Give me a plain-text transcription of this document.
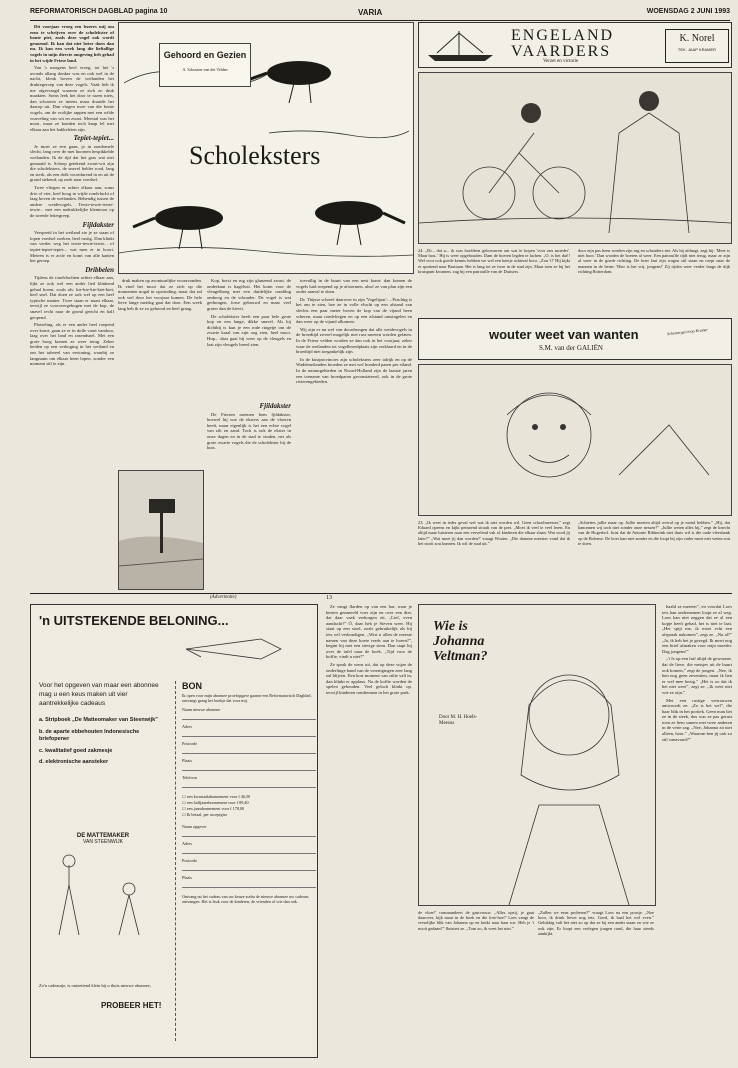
REFORMATORISCH DAGBLAD pagina 10	VARIA	WOENSDAG 2 JUNI 1993

Dit voorjaar vroeg een lezeres mij om eens te schrijven over de scholekster of bonte piet, zoals deze vogel ook wordt genoemd. Ik kan dat niet beter doen dan nu. Ik kan een week lang die lieftallige vogels in mijn directe omgeving heb gehad in het wijde Friese land.

Van 's morgens heel vroeg, tot het 's avonds allang donker was en ook wel in de nacht, klonk boven de weilanden het druktegeroep van deze vogels. Vaak heb ik me afgevraagd waarom ze zich zo druk maakten. Soms leek het door te razen niets, dan schooten ze ineens maar draaide het daarop uit. Dan vlogen twee van die bonte vogels, om de vrolijke rappen met een wilde wurveling van wit en zwart. Meestal was het mooi, maar ze konden toch knap lel met elkaar aan het bakkeleien zijn.

Tepiet-tepiet...

Je moet ze een gaan, ja in zondomele slecht, lang over de met hoornen hespikkelde weilanden. Ik de tijd dat het gras wat niet gemaaid is. Scherp getekend zwart-wit zijn die scholeksters, de snavel helder rood, lang en sterk, als een dolk voortdurend in en uit de grond stekend, op zoek naar voedsel.

Twee vliegen er achter elkaar aan, soms drie of vier, heel hoog in wijde rondvlucht of laag boven de weilanden. Behendig tussen de andere weidevogels. Tewie-tewie-tewie-tewie... met een nadrukkelijke klemtoon op de tweede lettergreep.

Fijldakster

Verspreid in het weiland zie je ze staan of lopen voedsel zoeken, heel rustig. Dan klinkt van verder weg het tewie-tewie-tewie... of tepiet-tepiet-tepiet... wat men er in hoort. Meteen is er actie en komt van alle kanten het geroep.

Dribbelen

Tijdens de rondvluchten achter elkaar aan, lijkt ze ook wel een ander lied klinkend gehad horen, zoals als: kie-kie-kie-kiet-kiet, heel snel. Dat doen ze ook wel op een heel typische manier. Twee staan er naast elkaar, terwijl ze voorovergebogen met de kop, de snavel recht naar de grond gericht en half geopend.

Plotseling, als er een ander heel roepend over komt, gaan ze er in dolle vaart vandoor, laag over het land en razendsnel. Met een grote boog komen ze weer terug. Zeker beiden op een verhoging in het weiland en om het tafereel van vertoning, waarbij ze langzaam om elkaar heen lopen, zonder een moment stil te zijn.

Gehoord en Gezien
A. Schouten-van der Velden
Scholeksters

druk maken op avontuurlijke vooravonden. Ik vind het mooi dat ze zich op die momenten nogal in opwinding, maar dat zal ook wel door het voorjaar komen. De hele lieve lange meidag gaat dat door. Een week lang heb ik ze zo gehoord en heel graag.

Kop, borst en rug zijn glanzend zwart, de onderkant is hagelwit. Het komt voor de vleugelboeg met een duidelijke rondilng omhoog en de schouder. De vogel is wat gedrongen, forse gebouwd en maar veel groter dan de kievit.

De scholekster heeft een paar hele grote kop en een lange, dikke snavel. Als hij dichtbij is kun je een rode ringetje om de zwarte kraal van zijn oog zien, heel mooi. Hup... daar gaat hij weer op de vleugels en laat zijn vleugels breed zien.

Fjildakster

De Friezen noemen hem fjildakster, hoewel hij wat de eksters aan de vloeren heeft, maar eigenlijk is het een echte vogel van zilt en zand. Toch is ook de ekster in onze dagen en in de stad te vinden, net als grote zwarte vogels die de scholekster bij de kust.

toevallig in de buurt van een nest komt: dan komen de vogels luid roepend op je afstormen, alsof ze van plan zijn een ouder aanval te doen.

Dr. Thijsse schreef daarover in zijn 'Vogelijaar': ...Prachtig is het om te zien, hoe ze in volle vlucht op een afstand van slechts een paar meter boven de kop van de vijand heen scheren, maar rondvliegen en op een afstand omsingelen en dan weer op de vijand afkomen.

Wij zijn er nu wel van doordrongen dat alle weidevogels in de broedtijd zoveel mogelijk met rust moeten worden gelaten. In de Friese velden worden ze dan ook in het voorjaar, zeker waar de weilanden tot vogelbroedplaats zijn verklaard en in de broedtijd niet toegankelijk zijn.

In de kustprovincies zijn scholeksters zeer talrijk en op de Waddeneilanden broeden ze met wel honderd paren per eiland. In de natuurgebieden in Noord-Holland zijn de laatste jaren een toename van broedparen geconstateerd, ook in de grote rivierengebieden.

ENGELAND
VAARDERS
Verzet en victorie
K. Norel
TEK. JAAP KRAMER
24. „Di... dat u... ik was hoefdens geboeuwen om wat te kopen 'voor ons moeder'. Maar hou..' Hij is weer opgehouden. Dam de boeren legden te lachen. „O, is het dat!! Wel voor ook goede kennis hebben we wel een beetje achteraf hoor. „Zou 't?' Hij kijkt er spottend naar Bastiaan. Het is lang tot ze twee in de stad zijn. Maar toen ze bij het kruispunt kwamen, zag hij een patrouille van de Duitsers.
door zijn pas heen worden zijn rug en schouders net. Als hij afdaagt, zegt hij: 'Meer is niet hoor.' Dan worden de boeren al weer. Een patrouille rijdt niet terug, maar ze zijn al weer in de goede richting. De boer laat zijn wagen stil staan en roept naar de mannen in de berm: 'Hier is het vrij, jongens!' Zij rijden weer verder langs de dijk richting Rotterdam.
wouter weet van wanten
S.M. van der GALIËN
Schemergen loop Kramer
23. „Ik weet in ieder geval wel wat ik niet worden wil. Geen schoolmeester,” zegt Eduard opeens en kijkt peinzend straalt van de pret. „Moet ik veel te veel leren. En altijd maar luisteren naar een vervelend vak of kinderen die elkaar slaan. Wat word jij later?” „Wat moet jij dan worden?' vraagt Wouter. „Die domme meester vond dat ik het nooit zou kunnen. Ik wil de stad uit.”
„Schiettes jullie maar op. Jullie moeten altijd overal op je mond hebben.” „Hij, dat kanonnen wij toch niet zonder onze nessen?” „Jullie weten alles bij,” zegt de knecht van de Hogerhof. Juist dat de Antonie Ribberink niet thuis wil is die oude vleesbank op de Bolense. De boer kan niet zonder en die loopt bij zijn vader moet niet weten wat te doen.
(Advertentie)	13
'n UITSTEKENDE BELONING...
Voor het opgeven van maar een abonnee mag u een keus maken uit vier aantrekkelijke cadeaus
a. Stripboek „De Matteomaker van Steenwijk”
b. de aparte ebbehouten Indonesische briefopener
c. kwalitatief goed zakmesje
d. elektronische aansteker
DE MATTEMAKER
VAN STEENWIJK
Zo'n cadeautje, is ontzettend klein bij u thuis nieuwe abonnee,
PROBEER HET!
BON
Ik open voor mijn abonnee proefopgave gaarne een Reformatorisch Dagblad, ontvangt graag het boekje dat voor mij.
Naam nieuwe abonnee
Adres
Postcode
Plaats
Telefoon
☐ een kwartaalabonnement voor f 46,50
☐ een halfjaarabonnement voor f 89,40
☐ een jaarabonnement voor f 178,00
☐ Ik betaal, per acceptgiro
Naam opgever
Adres
Postcode
Plaats
Ontvang nu het cadeau van uw keuze zodra de nieuwe abonnee uw cadeaus ontvangen. Het is leuk voor de kinderen, de vrienden of wie dan ook.

Ze vangt flarden op van een bar, waar je besten gezaneeld voer zijn en over een dier, dat daar vaak verborgen zit. „Lief, even aandacht?” Ó, daar heb je Steven weer. Hij staat op een stoel, zoals gebruikelijk als hij iets wil verkondigen. „Wist u allen de meeste namen van deze koeie reeds aan te horen?”, begint hij met een stevige stem. Dan stapt hij over de tafel naar de hoek. „Tijd voor de koffie, vindt u niet?”

Ze sprak de wens uit, dat op deze wijze de onderlinge band van de verenigingen zeer lang zal blijven. Een kort moment van stilte valt in, dan klinkt er applaus. Na de koffie worden de spelen gehouden. Veel gelach klinkt op, terwijl kinderen rondrennen in het grote park.

Wie is
Johanna
Veltman?
Door M. H. Hoefs-Meesus
de vloer!' commandeert de gastvrouw. „Alles opzij, je gaat daarover, kijk maar in de hoek en die foto-hoe?' Loes vangt de vreselijke blik van Johanna op en knikt naar haar toe. Heb je 't nooit gedaan?” fluistert ze. „Tom zo, ik weet het niet.”
„Zullen we eens proberen?” vraagt Loes na een poosje. „Nee hoor, ik drink liever nog iets. Goed, ik haal het wel even.” Gelukkig valt het niet zo op dat ze bij een ander staan en wie ze ook zijn. Er loopt een verlegen jongen rond, die haar steeds aankijkt.

haald ze meteen”, en voordat Loes iets kan ondernemen loopt ze al weg. Loes kan niet zeggen dat ze al een kopje heeft gehad, het is niet te laat. „Het spijt me, ik moet echt een afspraak nakomen”, zegt ze. „Nu al?” „Ja, ik heb het je gezegd. Ik moet nog een brief afmaken voor mijn moeder. Dag jongens!”

„'t Is op een fuif altijd de gewoonte, dat de lieve, die meisjes uit de buurt ook komen,” zegt de jongen. „Nee, ik ben nog geen zeventien, maar ik ben er wel mee bezig.” „Het is zo dat ik het niet weet”, zegt ze. „Ik weet niet wie ze zijn.”

Met een rustige vertrouwen antwoordt ze: „Zo is het wel”, die haar blik in het portiek. Geen man liet ze in de steek, dus was ze pas gerust toen ze hem samen met twee anderen in de verte zag. „Nee, Johanna zit niet alleen, hoor.” „Waarom ben jij ook zo stil vanavond?”
